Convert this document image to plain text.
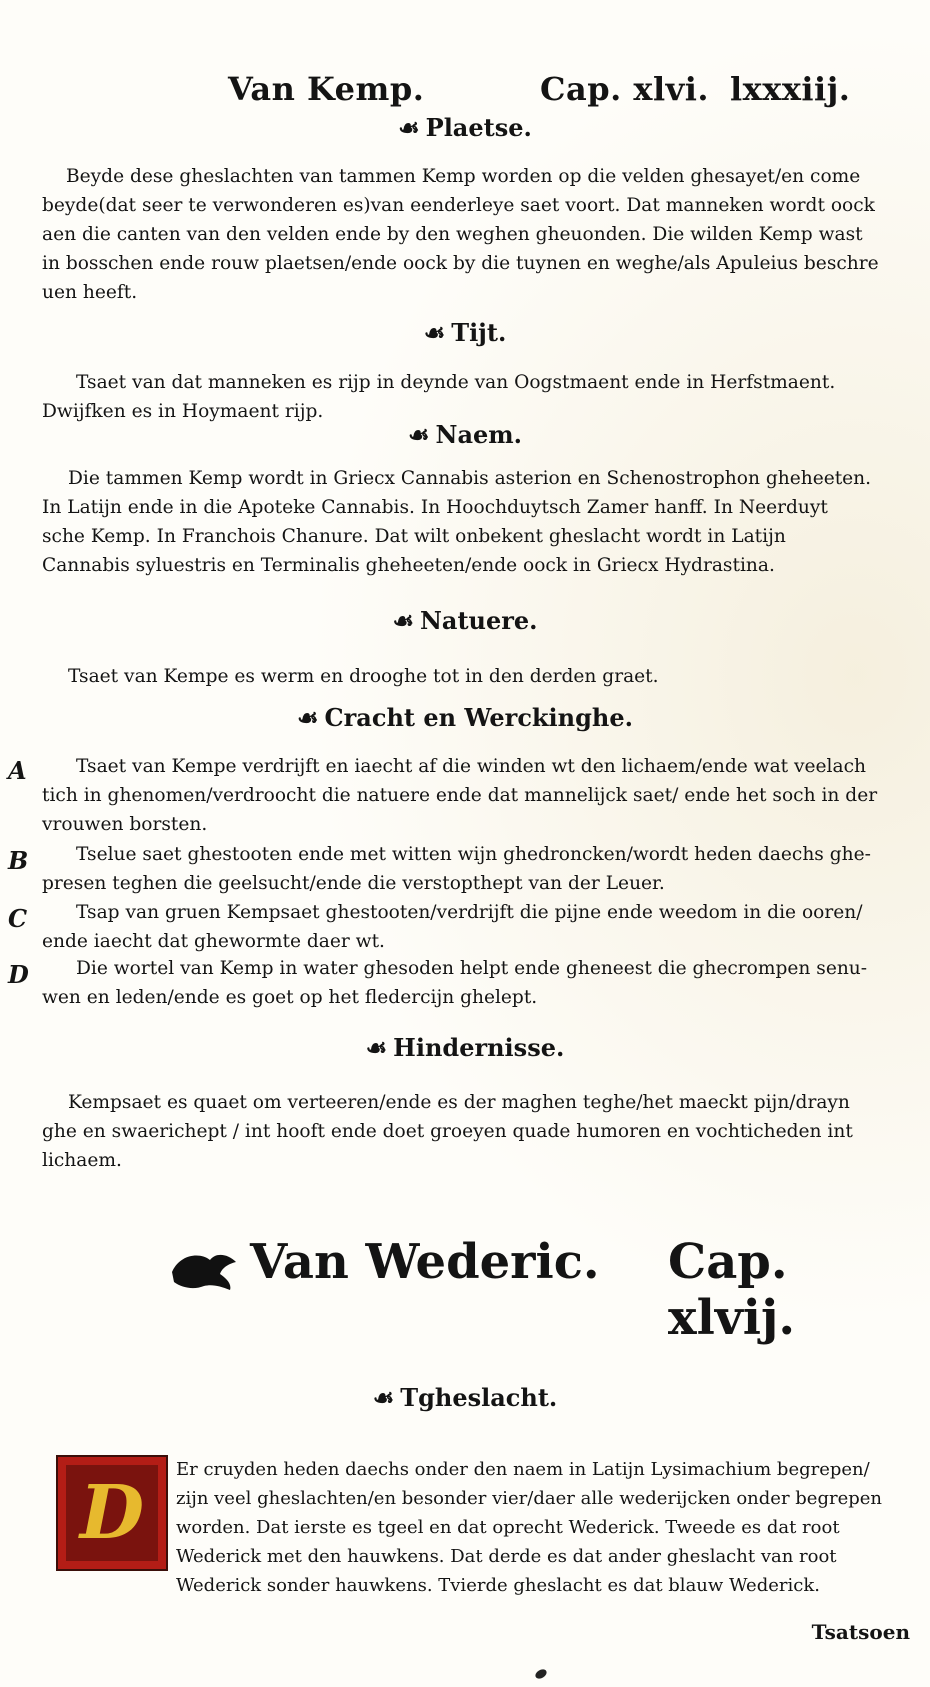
Van Kemp.	Cap. xlvi. lxxxiij.
☙ Plaetse.
Beyde dese gheslachten van tammen Kemp worden op die velden ghesayet/en come
beyde(dat seer te verwonderen es)van eenderleye saet voort. Dat manneken wordt oock
aen die canten van den velden ende by den weghen gheuonden. Die wilden Kemp wast
in bosschen ende rouw plaetsen/ende oock by die tuynen en weghe/als Apuleius beschre
uen heeft.
☙ Tijt.
Tsaet van dat manneken es rijp in deynde van Oogstmaent ende in Herfstmaent.
Dwijfken es in Hoymaent rijp.
☙ Naem.
Die tammen Kemp wordt in Griecx Cannabis asterion en Schenostrophon gheheeten.
In Latijn ende in die Apoteke Cannabis. In Hoochduytsch Zamer hanff. In Neerduyt
sche Kemp. In Franchois Chanure. Dat wilt onbekent gheslacht wordt in Latijn
Cannabis syluestris en Terminalis gheheeten/ende oock in Griecx Hydrastina.
☙ Natuere.
Tsaet van Kempe es werm en drooghe tot in den derden graet.
☙ Cracht en Werckinghe.
A	Tsaet van Kempe verdrijft en iaecht af die winden wt den lichaem/ende wat veelach
tich in ghenomen/verdroocht die natuere ende dat mannelijck saet/ ende het soch in der
vrouwen borsten.
B	Tselue saet ghestooten ende met witten wijn ghedroncken/wordt heden daechs ghe-
presen teghen die geelsucht/ende die verstopthept van der Leuer.
C	Tsap van gruen Kempsaet ghestooten/verdrijft die pijne ende weedom in die ooren/
ende iaecht dat ghewormte daer wt.
D	Die wortel van Kemp in water ghesoden helpt ende gheneest die ghecrompen senu-
wen en leden/ende es goet op het fledercijn ghelept.
☙ Hindernisse.
Kempsaet es quaet om verteeren/ende es der maghen teghe/het maeckt pijn/drayn
ghe en swaerichept / int hooft ende doet groeyen quade humoren en vochticheden int
lichaem.
Van Wederic. Cap. xlvij.
☙ Tgheslacht.
D
Er cruyden heden daechs onder den naem in Latijn Lysimachium begrepen/
zijn veel gheslachten/en besonder vier/daer alle wederijcken onder begrepen
worden. Dat ierste es tgeel en dat oprecht Wederick. Tweede es dat root
Wederick met den hauwkens. Dat derde es dat ander gheslacht van root
Wederick sonder hauwkens. Tvierde gheslacht es dat blauw Wederick.
Tsatsoen
